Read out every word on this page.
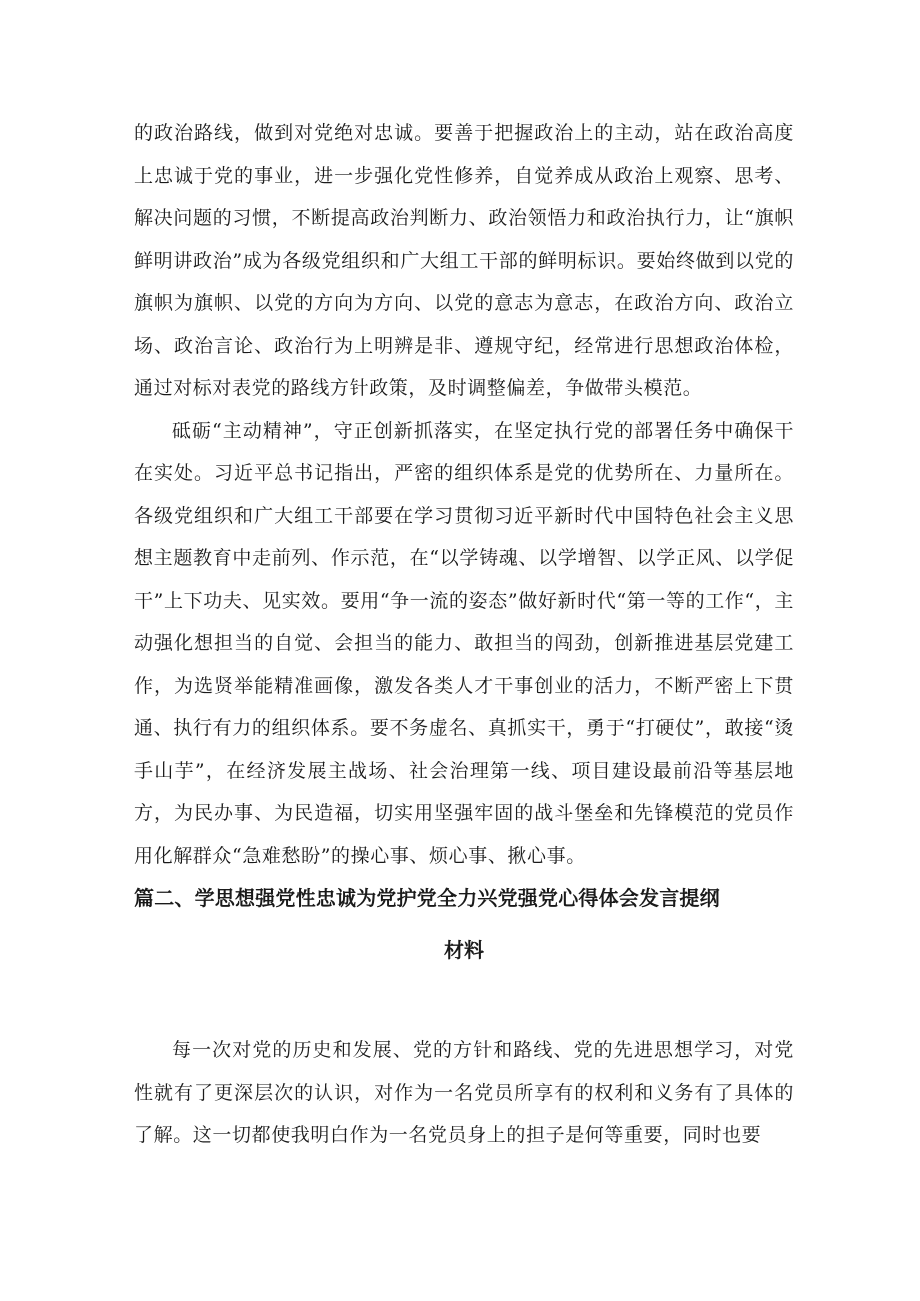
的政治路线，做到对党绝对忠诚。要善于把握政治上的主动，站在政治高度上忠诚于党的事业，进一步强化党性修养，自觉养成从政治上观察、思考、解决问题的习惯，不断提高政治判断力、政治领悟力和政治执行力，让“旗帜鲜明讲政治”成为各级党组织和广大组工干部的鲜明标识。要始终做到以党的旗帜为旗帜、以党的方向为方向、以党的意志为意志，在政治方向、政治立场、政治言论、政治行为上明辨是非、遵规守纪，经常进行思想政治体检，通过对标对表党的路线方针政策，及时调整偏差，争做带头模范。

砥砺“主动精神”，守正创新抓落实，在坚定执行党的部署任务中确保干在实处。习近平总书记指出，严密的组织体系是党的优势所在、力量所在。各级党组织和广大组工干部要在学习贯彻习近平新时代中国特色社会主义思想主题教育中走前列、作示范，在“以学铸魂、以学增智、以学正风、以学促干”上下功夫、见实效。要用“争一流的姿态”做好新时代“第一等的工作“，主动强化想担当的自觉、会担当的能力、敢担当的闯劲，创新推进基层党建工作，为选贤举能精准画像，激发各类人才干事创业的活力，不断严密上下贯通、执行有力的组织体系。要不务虚名、真抓实干，勇于“打硬仗”，敢接“烫手山芋”，在经济发展主战场、社会治理第一线、项目建设最前沿等基层地方，为民办事、为民造福，切实用坚强牢固的战斗堡垒和先锋模范的党员作用化解群众“急难愁盼”的操心事、烦心事、揪心事。

篇二、学思想强党性忠诚为党护党全力兴党强党心得体会发言提纲

材料

每一次对党的历史和发展、党的方针和路线、党的先进思想学习，对党性就有了更深层次的认识，对作为一名党员所享有的权利和义务有了具体的了解。这一切都使我明白作为一名党员身上的担子是何等重要，同时也要
